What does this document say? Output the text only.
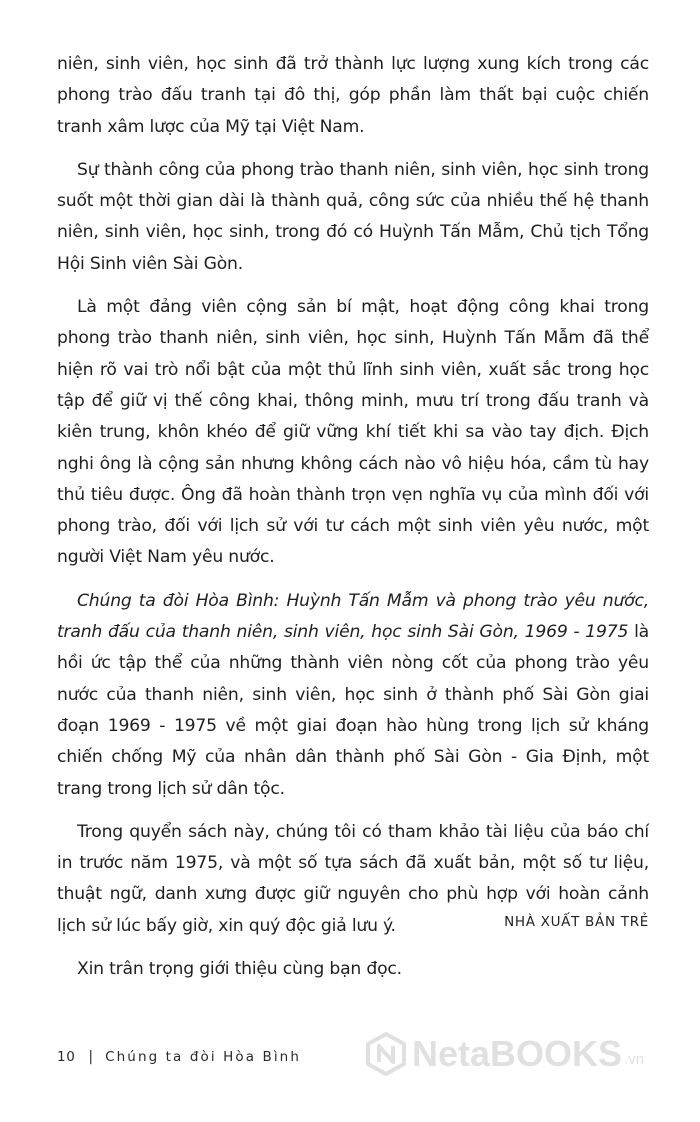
niên, sinh viên, học sinh đã trở thành lực lượng xung kích trong các phong trào đấu tranh tại đô thị, góp phần làm thất bại cuộc chiến tranh xâm lược của Mỹ tại Việt Nam.

Sự thành công của phong trào thanh niên, sinh viên, học sinh trong suốt một thời gian dài là thành quả, công sức của nhiều thế hệ thanh niên, sinh viên, học sinh, trong đó có Huỳnh Tấn Mẫm, Chủ tịch Tổng Hội Sinh viên Sài Gòn.

Là một đảng viên cộng sản bí mật, hoạt động công khai trong phong trào thanh niên, sinh viên, học sinh, Huỳnh Tấn Mẫm đã thể hiện rõ vai trò nổi bật của một thủ lĩnh sinh viên, xuất sắc trong học tập để giữ vị thế công khai, thông minh, mưu trí trong đấu tranh và kiên trung, khôn khéo để giữ vững khí tiết khi sa vào tay địch. Địch nghi ông là cộng sản nhưng không cách nào vô hiệu hóa, cầm tù hay thủ tiêu được. Ông đã hoàn thành trọn vẹn nghĩa vụ của mình đối với phong trào, đối với lịch sử với tư cách một sinh viên yêu nước, một người Việt Nam yêu nước.

Chúng ta đòi Hòa Bình: Huỳnh Tấn Mẫm và phong trào yêu nước, tranh đấu của thanh niên, sinh viên, học sinh Sài Gòn, 1969 - 1975 là hồi ức tập thể của những thành viên nòng cốt của phong trào yêu nước của thanh niên, sinh viên, học sinh ở thành phố Sài Gòn giai đoạn 1969 - 1975 về một giai đoạn hào hùng trong lịch sử kháng chiến chống Mỹ của nhân dân thành phố Sài Gòn - Gia Định, một trang trong lịch sử dân tộc.

Trong quyển sách này, chúng tôi có tham khảo tài liệu của báo chí in trước năm 1975, và một số tựa sách đã xuất bản, một số tư liệu, thuật ngữ, danh xưng được giữ nguyên cho phù hợp với hoàn cảnh lịch sử lúc bấy giờ, xin quý độc giả lưu ý.

Xin trân trọng giới thiệu cùng bạn đọc.

NHÀ XUẤT BẢN TRẺ
10 | Chúng ta đòi Hòa Bình	NetaBOOKS .vn
